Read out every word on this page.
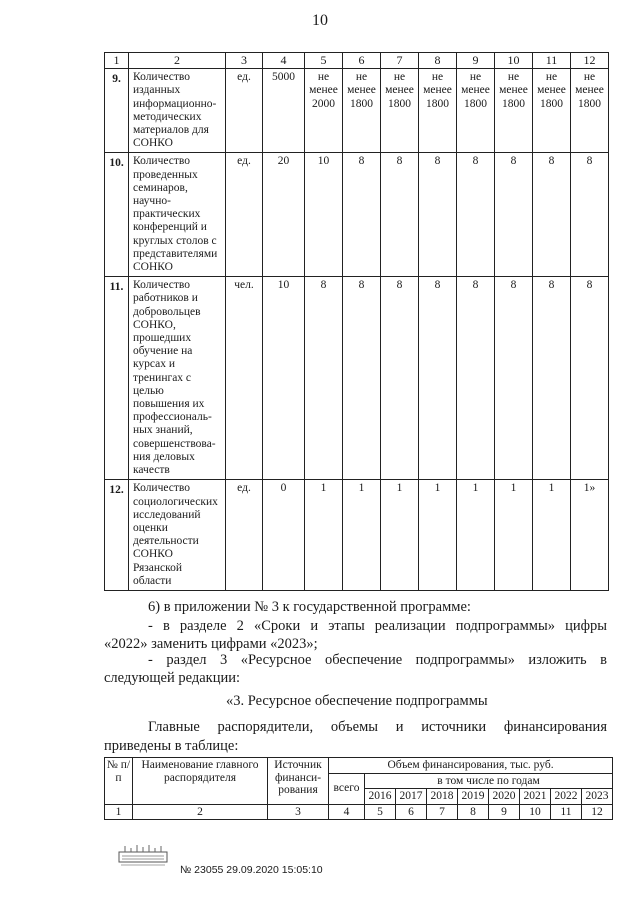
10
1	2	3	4	5	6	7	8	9	10	11	12
9.	Количество изданных информационно-методических материалов для СОНКО	ед.	5000	не менее 2000	не менее 1800	не менее 1800	не менее 1800	не менее 1800	не менее 1800	не менее 1800	не менее 1800
10.	Количество проведенных семинаров, научно-практических конференций и круглых столов с представителями СОНКО	ед.	20	10	8	8	8	8	8	8	8
11.	Количество работников и добровольцев СОНКО, прошедших обучение на курсах и тренингах с целью повышения их профессиональ-ных знаний, совершенствова-ния деловых качеств	чел.	10	8	8	8	8	8	8	8	8
12.	Количество социологических исследований оценки деятельности СОНКО Рязанской области	ед.	0	1	1	1	1	1	1	1	1»
6) в приложении № 3 к государственной программе:
- в разделе 2 «Сроки и этапы реализации подпрограммы» цифры
«2022» заменить цифрами «2023»;
- раздел 3 «Ресурсное обеспечение подпрограммы» изложить в
следующей редакции:
«3. Ресурсное обеспечение подпрограммы
Главные распорядители, объемы и источники финансирования
приведены в таблице:
№ п/п	Наименование главного распорядителя	Источник финанси-рования	Объем финансирования, тыс. руб.								
			всего	в том числе по годам							
				2016	2017	2018	2019	2020	2021	2022	2023
1	2	3	4	5	6	7	8	9	10	11	12
№ 23055 29.09.2020 15:05:10
